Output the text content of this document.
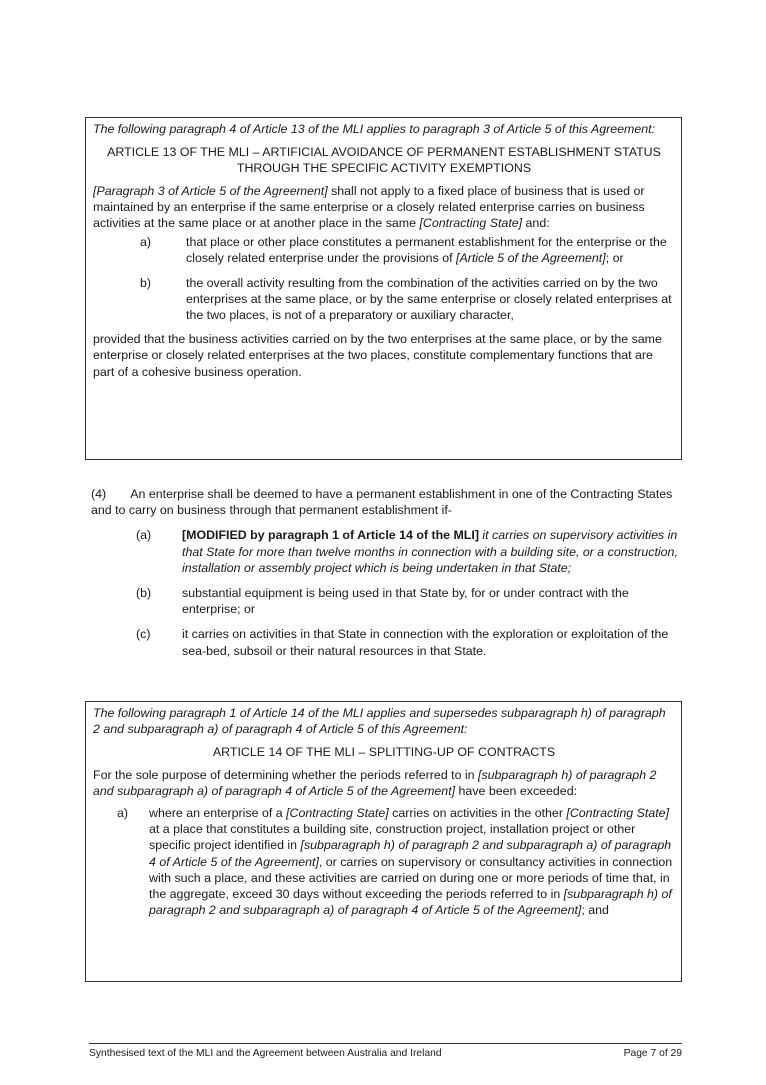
The following paragraph 4 of Article 13 of the MLI applies to paragraph 3 of Article 5 of this Agreement:

ARTICLE 13 OF THE MLI – ARTIFICIAL AVOIDANCE OF PERMANENT ESTABLISHMENT STATUS THROUGH THE SPECIFIC ACTIVITY EXEMPTIONS

[Paragraph 3 of Article 5 of the Agreement] shall not apply to a fixed place of business that is used or maintained by an enterprise if the same enterprise or a closely related enterprise carries on business activities at the same place or at another place in the same [Contracting State] and:

a)	that place or other place constitutes a permanent establishment for the enterprise or the closely related enterprise under the provisions of [Article 5 of the Agreement]; or
b)	the overall activity resulting from the combination of the activities carried on by the two enterprises at the same place, or by the same enterprise or closely related enterprises at the two places, is not of a preparatory or auxiliary character,

provided that the business activities carried on by the two enterprises at the same place, or by the same enterprise or closely related enterprises at the two places, constitute complementary functions that are part of a cohesive business operation.

(4) An enterprise shall be deemed to have a permanent establishment in one of the Contracting States and to carry on business through that permanent establishment if-

(a) [MODIFIED by paragraph 1 of Article 14 of the MLI] it carries on supervisory activities in that State for more than twelve months in connection with a building site, or a construction, installation or assembly project which is being undertaken in that State;
(b) substantial equipment is being used in that State by, for or under contract with the enterprise; or
(c)	it carries on activities in that State in connection with the exploration or exploitation of the sea-bed, subsoil or their natural resources in that State.

The following paragraph 1 of Article 14 of the MLI applies and supersedes subparagraph h) of paragraph 2 and subparagraph a) of paragraph 4 of Article 5 of this Agreement:

ARTICLE 14 OF THE MLI – SPLITTING-UP OF CONTRACTS

For the sole purpose of determining whether the periods referred to in [subparagraph h) of paragraph 2 and subparagraph a) of paragraph 4 of Article 5 of the Agreement] have been exceeded:

a) where an enterprise of a [Contracting State] carries on activities in the other [Contracting State] at a place that constitutes a building site, construction project, installation project or other specific project identified in [subparagraph h) of paragraph 2 and subparagraph a) of paragraph 4 of Article 5 of the Agreement], or carries on supervisory or consultancy activities in connection with such a place, and these activities are carried on during one or more periods of time that, in the aggregate, exceed 30 days without exceeding the periods referred to in [subparagraph h) of paragraph 2 and subparagraph a) of paragraph 4 of Article 5 of the Agreement]; and
Synthesised text of the MLI and the Agreement between Australia and Ireland	Page 7 of 29
